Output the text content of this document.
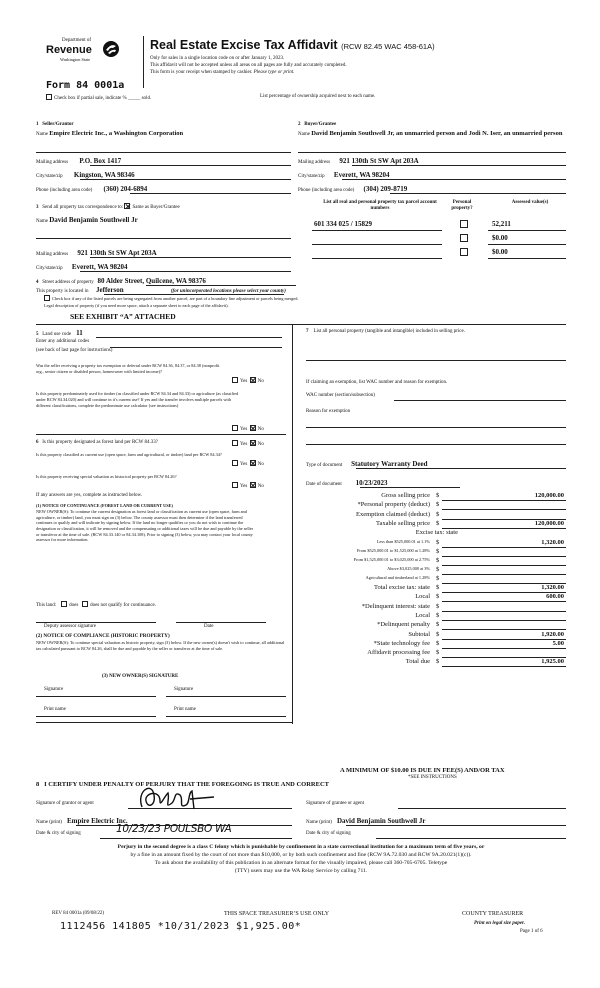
Department of
Revenue
Washington State
Form 84 0001a
Real Estate Excise Tax Affidavit (RCW 82.45 WAC 458-61A)
Only for sales in a single location code on or after January 1, 2023.
This affidavit will not be accepted unless all areas on all pages are fully and accurately completed.
This form is your receipt when stamped by cashier. Please type or print.
Check box if partial sale, indicate % _____ sold.	List percentage of ownership acquired next to each name.
1 Seller/Grantor
Name Empire Electric Inc., a Washington Corporation
Mailing address P.O. Box 1417
City/state/zip Kingston, WA 98346
Phone (including area code) (360) 204-6894
2 Buyer/Grantee
Name David Benjamin Southwell Jr, an unmarried person and Jodi N. Iser, an unmarried person
Mailing address 921 130th St SW Apt 203A
City/state/zip Everett, WA 98204
Phone (including area code) (304) 209-8719
3 Send all property tax correspondence to: Same as Buyer/Grantee
Name David Benjamin Southwell Jr
Mailing address 921 130th St SW Apt 203A
City/state/zip Everett, WA 98204
List all real and personal property tax parcel account numbers
Personal property?
Assessed value(s)
601 334 025 / 15829	52,211
$0.00
$0.00
4 Street address of property 80 Alder Street, Quilcene, WA 98376
This property is located in Jefferson	(for unincorporated locations please select your county)
Check box if any of the listed parcels are being segregated from another parcel, are part of a boundary line adjustment or parcels being merged.
Legal description of property (if you need more space, attach a separate sheet to each page of the affidavit).
SEE EXHIBIT “A” ATTACHED
5 Land use code 11
Enter any additional codes
(see back of last page for instructions)
Was the seller receiving a property tax exemption or deferral under RCW 84.36, 84.37, or 84.38 (nonprofit org., senior citizen or disabled person, homeowner with limited income)?
Yes No
Is this property predominately used for timber (as classified under RCW 84.34 and 84.33) or agriculture (as classified under RCW 84.34.020) and will continue in it's current use? If yes and the transfer involves multiple parcels with different classifications, complete the predominate use calculator (see instructions)
Yes No
6 Is this property designated as forest land per RCW 84.33?	Yes No
Is this property classified as current use (open space, farm and agricultural, or timber) land per RCW 84.34?
Yes No
Is this property receiving special valuation as historical property per RCW 84.26?
Yes No
If any answers are yes, complete as instructed below.
(1) NOTICE OF CONTINUANCE (FOREST LAND OR CURRENT USE)
NEW OWNER(S): To continue the current designation as forest land or classification as current use (open space, farm and agriculture, or timber) land, you must sign on (3) below. The county assessor must then determine if the land transferred continues to qualify and will indicate by signing below. If the land no longer qualifies or you do not wish to continue the designation or classification, it will be removed and the compensating or additional taxes will be due and payable by the seller or transferor at the time of sale. (RCW 84.33.140 or 84.34.108). Prior to signing (3) below, you may contact your local county assessor for more information.
This land:	does does not qualify for continuance.
Deputy assessor signature	Date
(2) NOTICE OF COMPLIANCE (HISTORIC PROPERTY)
NEW OWNER(S): To continue special valuation as historic property, sign (3) below. If the new owner(s) doesn't wish to continue, all additional tax calculated pursuant to RCW 84.26, shall be due and payable by the seller or transferor at the time of sale.
(3) NEW OWNER(S) SIGNATURE
Signature	Signature
Print name	Print name
7 List all personal property (tangible and intangible) included in selling price.
If claiming an exemption, list WAC number and reason for exemption.
WAC number (section/subsection)
Reason for exemption
Type of document Statutory Warranty Deed
Date of document 10/23/2023
Gross selling price $	120,000.00
*Personal property (deduct) $
Exemption claimed (deduct) $
Taxable selling price $	120,000.00
Excise tax: state
Less than $525,000.01 at 1.1% $	1,320.00
From $525,000.01 to $1,525,000 at 1.28% $
From $1,525,000.01 to $3,025,000 at 2.75% $
Above $3,025,000 at 3% $
Agricultural and timberland at 1.28% $
Total excise tax: state $	1,320.00
Local $	600.00
*Delinquent interest: state $
Local $
*Delinquent penalty $
Subtotal $	1,920.00
*State technology fee $	5.00
Affidavit processing fee $
Total due $	1,925.00
A MINIMUM OF $10.00 IS DUE IN FEE(S) AND/OR TAX
*SEE INSTRUCTIONS
8 I CERTIFY UNDER PENALTY OF PERJURY THAT THE FOREGOING IS TRUE AND CORRECT
Signature of grantor or agent	Signature of grantee or agent
Name (print) Empire Electric Inc.	Name (print) David Benjamin Southwell Jr
Date & city of signing	10/23/23 POULSBO WA	Date & city of signing
Perjury in the second degree is a class C felony which is punishable by confinement in a state correctional institution for a maximum term of five years, or
by a fine in an amount fixed by the court of not more than $10,000, or by both such confinement and fine (RCW 9A.72.030 and RCW 9A.20.021(1)(c)).
To ask about the availability of this publication in an alternate format for the visually impaired, please call 360-705-6705. Teletype
(TTY) users may use the WA Relay Service by calling 711.
REV 84 0001a (09/08/22)	THIS SPACE TREASURER’S USE ONLY	COUNTY TREASURER
1112456 141805 *10/31/2023 $1,925.00*	Print on legal size paper.
Page 1 of 6
